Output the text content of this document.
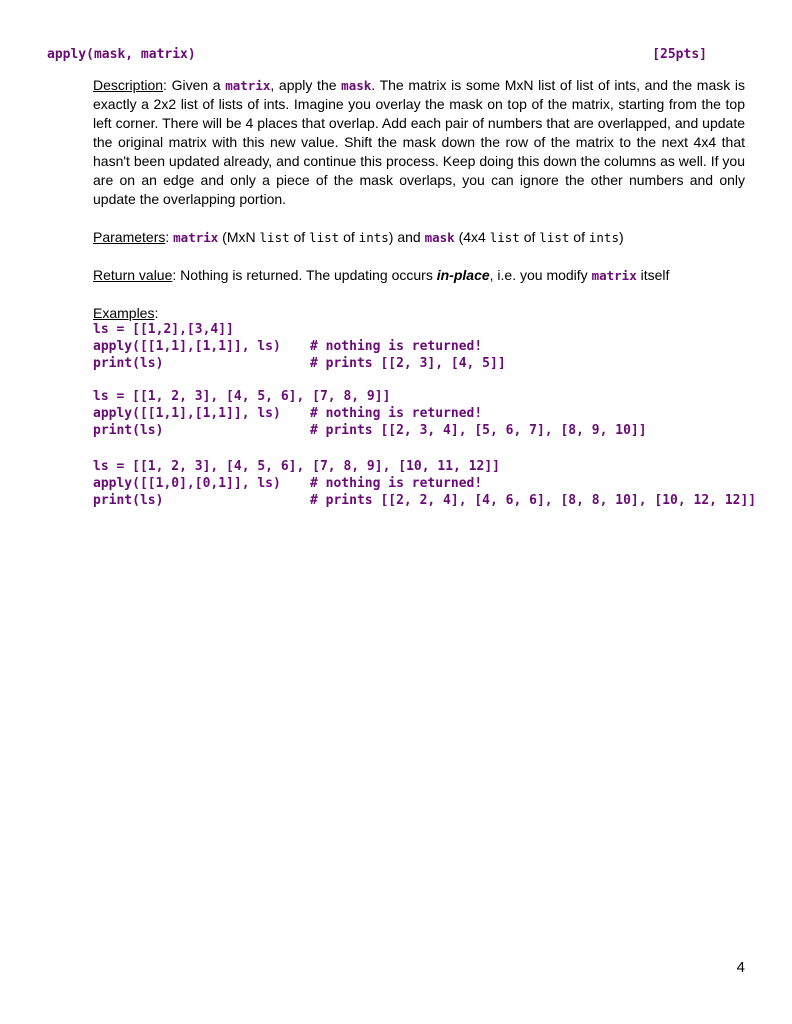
apply(mask, matrix)	[25pts]
Description: Given a matrix, apply the mask. The matrix is some MxN list of list of ints, and the mask is exactly a 2x2 list of lists of ints. Imagine you overlay the mask on top of the matrix, starting from the top left corner. There will be 4 places that overlap. Add each pair of numbers that are overlapped, and update the original matrix with this new value. Shift the mask down the row of the matrix to the next 4x4 that hasn't been updated already, and continue this process. Keep doing this down the columns as well. If you are on an edge and only a piece of the mask overlaps, you can ignore the other numbers and only update the overlapping portion.
Parameters: matrix (MxN list of list of ints) and mask (4x4 list of list of ints)
Return value: Nothing is returned. The updating occurs in-place, i.e. you modify matrix itself
Examples:

ls = [[1,2],[3,4]]

apply([[1,1],[1,1]], ls)

# nothing is returned!

print(ls)

	# prints [[2, 3], [4, 5]]

ls = [[1, 2, 3], [4, 5, 6], [7, 8, 9]]

apply([[1,1],[1,1]], ls)

# nothing is returned!

print(ls)

	# prints [[2, 3, 4], [5, 6, 7], [8, 9, 10]]

ls = [[1, 2, 3], [4, 5, 6], [7, 8, 9], [10, 11, 12]]

apply([[1,0],[0,1]], ls)

# nothing is returned!

print(ls)

	# prints [[2, 2, 4], [4, 6, 6], [8, 8, 10], [10, 12, 12]]

4
